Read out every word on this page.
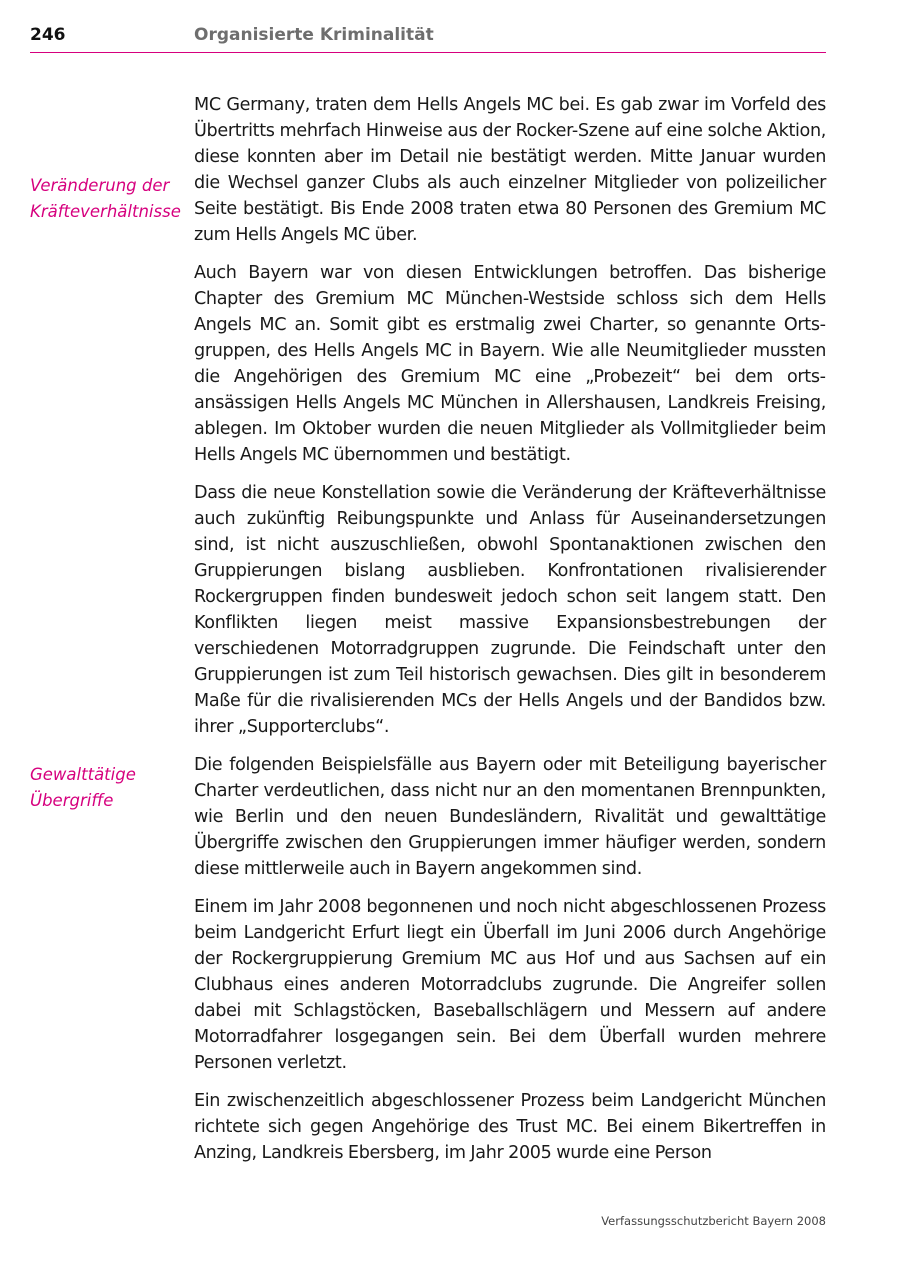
246	Organisierte Kriminalität
Veränderung der
Kräfteverhältnisse
Gewalttätige
Übergriffe

MC Germany, traten dem Hells Angels MC bei. Es gab zwar im Vorfeld des Übertritts mehrfach Hinweise aus der Rocker-Szene auf eine solche Aktion, diese konnten aber im Detail nie bestätigt werden. Mitte Januar wurden die Wechsel ganzer Clubs als auch einzelner Mitglieder von polizeilicher Seite bestätigt. Bis Ende 2008 traten etwa 80 Personen des Gremium MC zum Hells Angels MC über.

Auch Bayern war von diesen Entwicklungen betroffen. Das bisherige Chapter des Gremium MC München-Westside schloss sich dem Hells Angels MC an. Somit gibt es erstmalig zwei Charter, so genannte Ortsgruppen, des Hells Angels MC in Bayern. Wie alle Neumitglieder mussten die Angehörigen des Gremium MC eine „Probezeit“ bei dem ortsansässigen Hells Angels MC München in Allershausen, Landkreis Freising, ablegen. Im Oktober wurden die neuen Mitglieder als Vollmitglieder beim Hells Angels MC übernommen und bestätigt.

Dass die neue Konstellation sowie die Veränderung der Kräfteverhältnisse auch zukünftig Reibungspunkte und Anlass für Auseinandersetzungen sind, ist nicht auszuschließen, obwohl Spontanaktionen zwischen den Gruppierungen bislang ausblieben. Konfrontationen rivalisierender Rockergruppen finden bundesweit jedoch schon seit langem statt. Den Konflikten liegen meist massive Expansionsbestrebungen der verschiedenen Motorradgruppen zugrunde. Die Feindschaft unter den Gruppierungen ist zum Teil historisch gewachsen. Dies gilt in besonderem Maße für die rivalisierenden MCs der Hells Angels und der Bandidos bzw. ihrer „Supporterclubs“.

Die folgenden Beispielsfälle aus Bayern oder mit Beteiligung bayerischer Charter verdeutlichen, dass nicht nur an den momentanen Brennpunkten, wie Berlin und den neuen Bundesländern, Rivalität und gewalttätige Übergriffe zwischen den Gruppierungen immer häufiger werden, sondern diese mittlerweile auch in Bayern angekommen sind.

Einem im Jahr 2008 begonnenen und noch nicht abgeschlossenen Prozess beim Landgericht Erfurt liegt ein Überfall im Juni 2006 durch Angehörige der Rockergruppierung Gremium MC aus Hof und aus Sachsen auf ein Clubhaus eines anderen Motorradclubs zugrunde. Die Angreifer sollen dabei mit Schlagstöcken, Baseballschlägern und Messern auf andere Motorradfahrer losgegangen sein. Bei dem Überfall wurden mehrere Personen verletzt.

Ein zwischenzeitlich abgeschlossener Prozess beim Landgericht München richtete sich gegen Angehörige des Trust MC. Bei einem Bikertreffen in Anzing, Landkreis Ebersberg, im Jahr 2005 wurde eine Person

Verfassungsschutzbericht Bayern 2008
